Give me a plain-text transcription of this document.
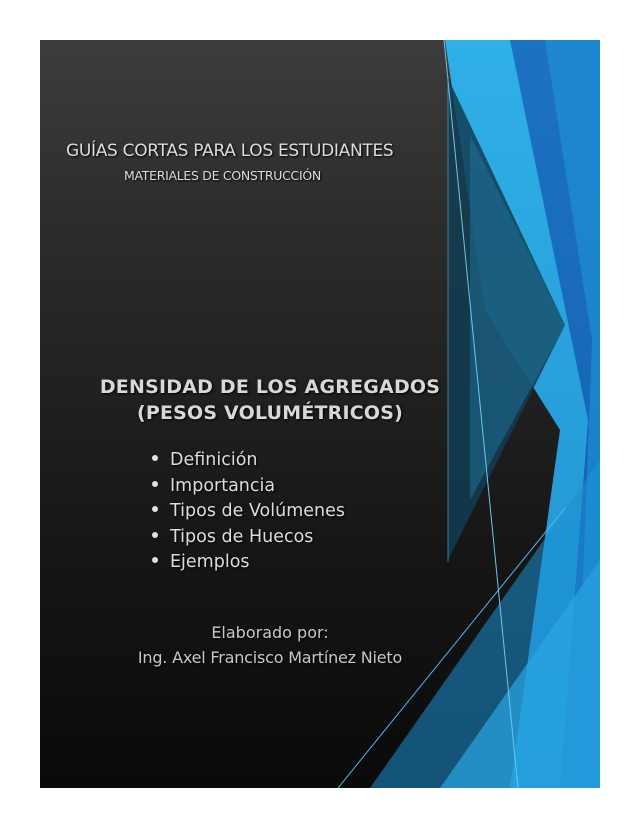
GUÍAS CORTAS PARA LOS ESTUDIANTES
MATERIALES DE CONSTRUCCIÓN
DENSIDAD DE LOS AGREGADOS
(PESOS VOLUMÉTRICOS)
Definición
Importancia
Tipos de Volúmenes
Tipos de Huecos
Ejemplos
Elaborado por:
Ing. Axel Francisco Martínez Nieto
